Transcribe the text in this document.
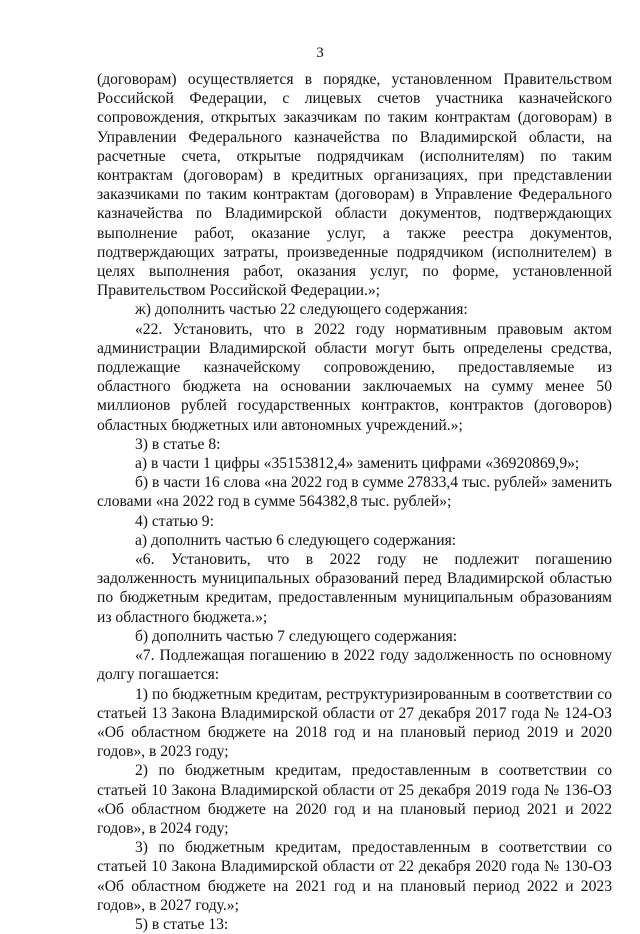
3

(договорам) осуществляется в порядке, установленном Правительством Российской Федерации, с лицевых счетов участника казначейского сопровождения, открытых заказчикам по таким контрактам (договорам) в Управлении Федерального казначейства по Владимирской области, на расчетные счета, открытые подрядчикам (исполнителям) по таким контрактам (договорам) в кредитных организациях, при представлении заказчиками по таким контрактам (договорам) в Управление Федерального казначейства по Владимирской области документов, подтверждающих выполнение работ, оказание услуг, а также реестра документов, подтверждающих затраты, произведенные подрядчиком (исполнителем) в целях выполнения работ, оказания услуг, по форме, установленной Правительством Российской Федерации.»;

ж) дополнить частью 22 следующего содержания:

«22. Установить, что в 2022 году нормативным правовым актом администрации Владимирской области могут быть определены средства, подлежащие казначейскому сопровождению, предоставляемые из областного бюджета на основании заключаемых на сумму менее 50 миллионов рублей государственных контрактов, контрактов (договоров) областных бюджетных или автономных учреждений.»;

3) в статье 8:

а) в части 1 цифры «35153812,4» заменить цифрами «36920869,9»;

б) в части 16 слова «на 2022 год в сумме 27833,4 тыс. рублей» заменить словами «на 2022 год в сумме 564382,8 тыс. рублей»;

4) статью 9:

а) дополнить частью 6 следующего содержания:

«6. Установить, что в 2022 году не подлежит погашению задолженность муниципальных образований перед Владимирской областью по бюджетным кредитам, предоставленным муниципальным образованиям из областного бюджета.»;

б) дополнить частью 7 следующего содержания:

«7. Подлежащая погашению в 2022 году задолженность по основному долгу погашается:

1) по бюджетным кредитам, реструктуризированным в соответствии со статьей 13 Закона Владимирской области от 27 декабря 2017 года № 124-ОЗ «Об областном бюджете на 2018 год и на плановый период 2019 и 2020 годов», в 2023 году;

2) по бюджетным кредитам, предоставленным в соответствии со статьей 10 Закона Владимирской области от 25 декабря 2019 года № 136-ОЗ «Об областном бюджете на 2020 год и на плановый период 2021 и 2022 годов», в 2024 году;

3) по бюджетным кредитам, предоставленным в соответствии со статьей 10 Закона Владимирской области от 22 декабря 2020 года № 130-ОЗ «Об областном бюджете на 2021 год и на плановый период 2022 и 2023 годов», в 2027 году.»;

5) в статье 13:
